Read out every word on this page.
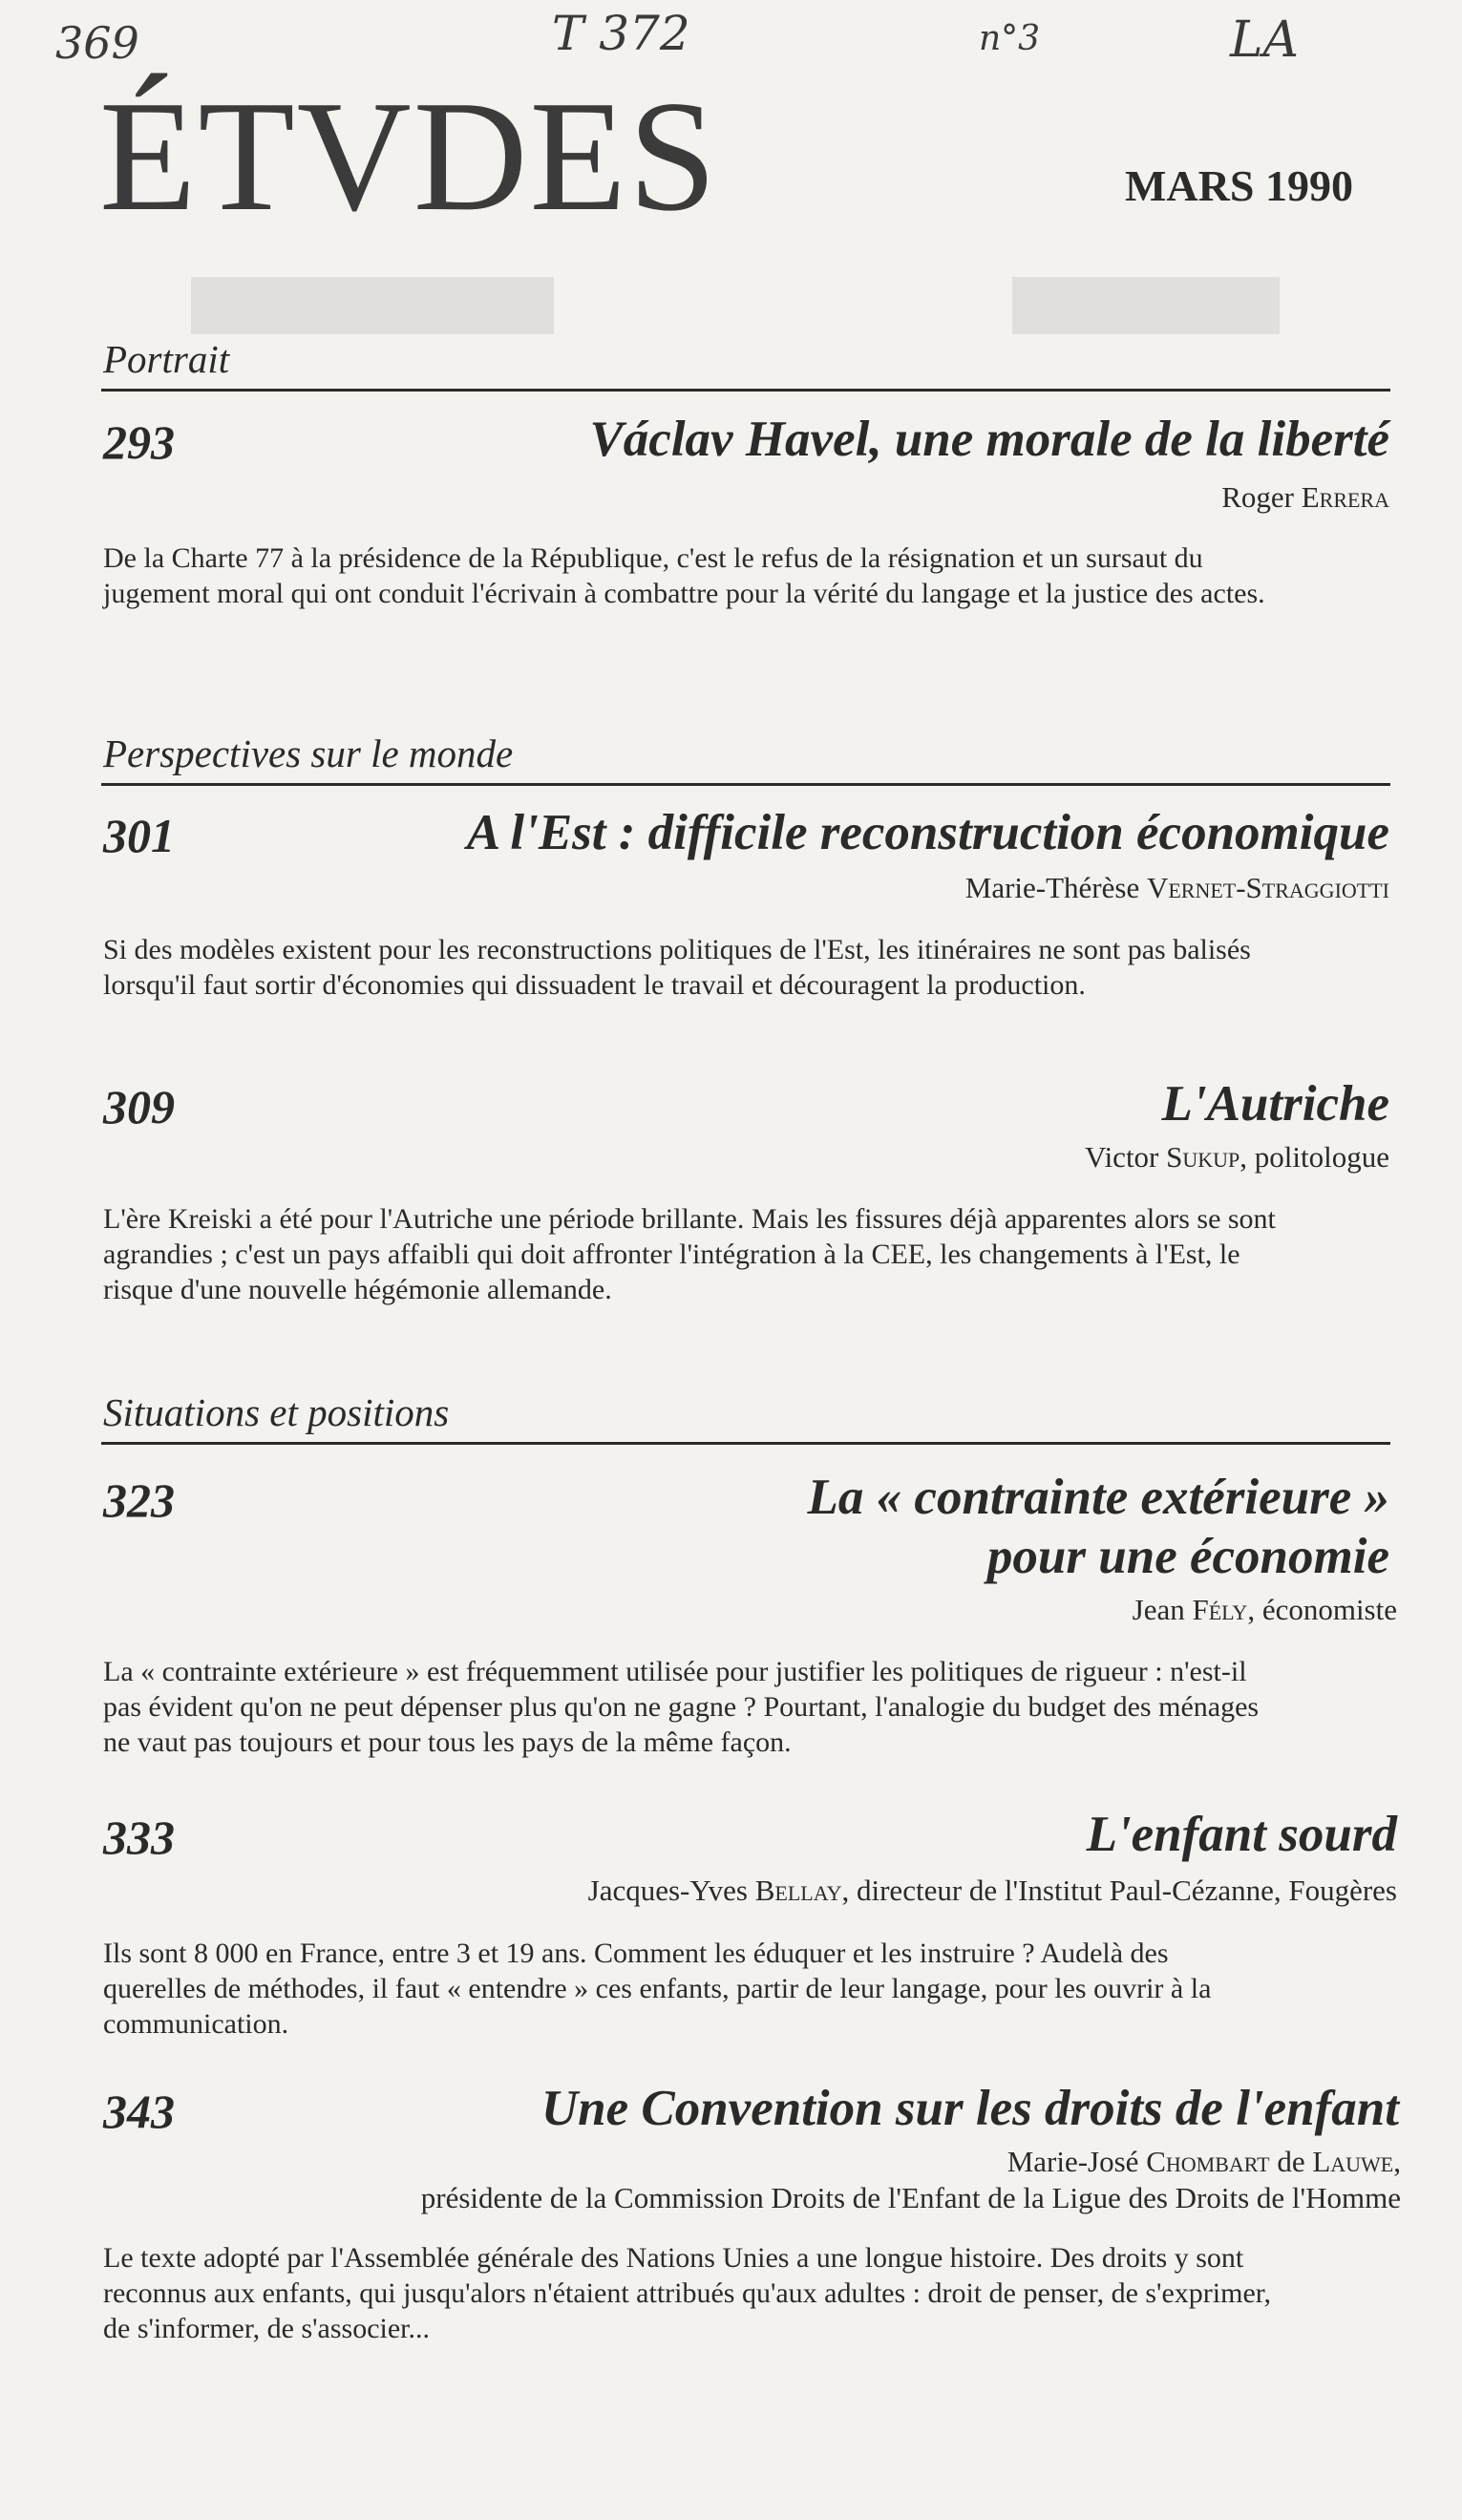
369	T 372	n°3	LA
ÉTVDES	MARS 1990
Portrait
293	Václav Havel, une morale de la liberté
Roger Errera
De la Charte 77 à la présidence de la République, c'est le refus de la résignation et un sursaut du jugement moral qui ont conduit l'écrivain à combattre pour la vérité du langage et la justice des actes.
Perspectives sur le monde
301	A l'Est : difficile reconstruction économique
Marie-Thérèse Vernet-Straggiotti
Si des modèles existent pour les reconstructions politiques de l'Est, les itinéraires ne sont pas balisés lorsqu'il faut sortir d'économies qui dissuadent le travail et découragent la production.
309	L'Autriche
Victor Sukup, politologue
L'ère Kreiski a été pour l'Autriche une période brillante. Mais les fissures déjà apparentes alors se sont agrandies ; c'est un pays affaibli qui doit affronter l'intégration à la CEE, les changements à l'Est, le risque d'une nouvelle hégémonie allemande.
Situations et positions
323	La « contrainte extérieure »
pour une économie
Jean Fély, économiste
La « contrainte extérieure » est fréquemment utilisée pour justifier les politiques de rigueur : n'est-il pas évident qu'on ne peut dépenser plus qu'on ne gagne ? Pourtant, l'analogie du budget des ménages ne vaut pas toujours et pour tous les pays de la même façon.
333	L'enfant sourd
Jacques-Yves Bellay, directeur de l'Institut Paul-Cézanne, Fougères
Ils sont 8 000 en France, entre 3 et 19 ans. Comment les éduquer et les instruire ? Audelà des querelles de méthodes, il faut « entendre » ces enfants, partir de leur langage, pour les ouvrir à la communication.
343	Une Convention sur les droits de l'enfant
Marie-José Chombart de Lauwe,
présidente de la Commission Droits de l'Enfant de la Ligue des Droits de l'Homme
Le texte adopté par l'Assemblée générale des Nations Unies a une longue histoire. Des droits y sont reconnus aux enfants, qui jusqu'alors n'étaient attribués qu'aux adultes : droit de penser, de s'exprimer, de s'informer, de s'associer...
